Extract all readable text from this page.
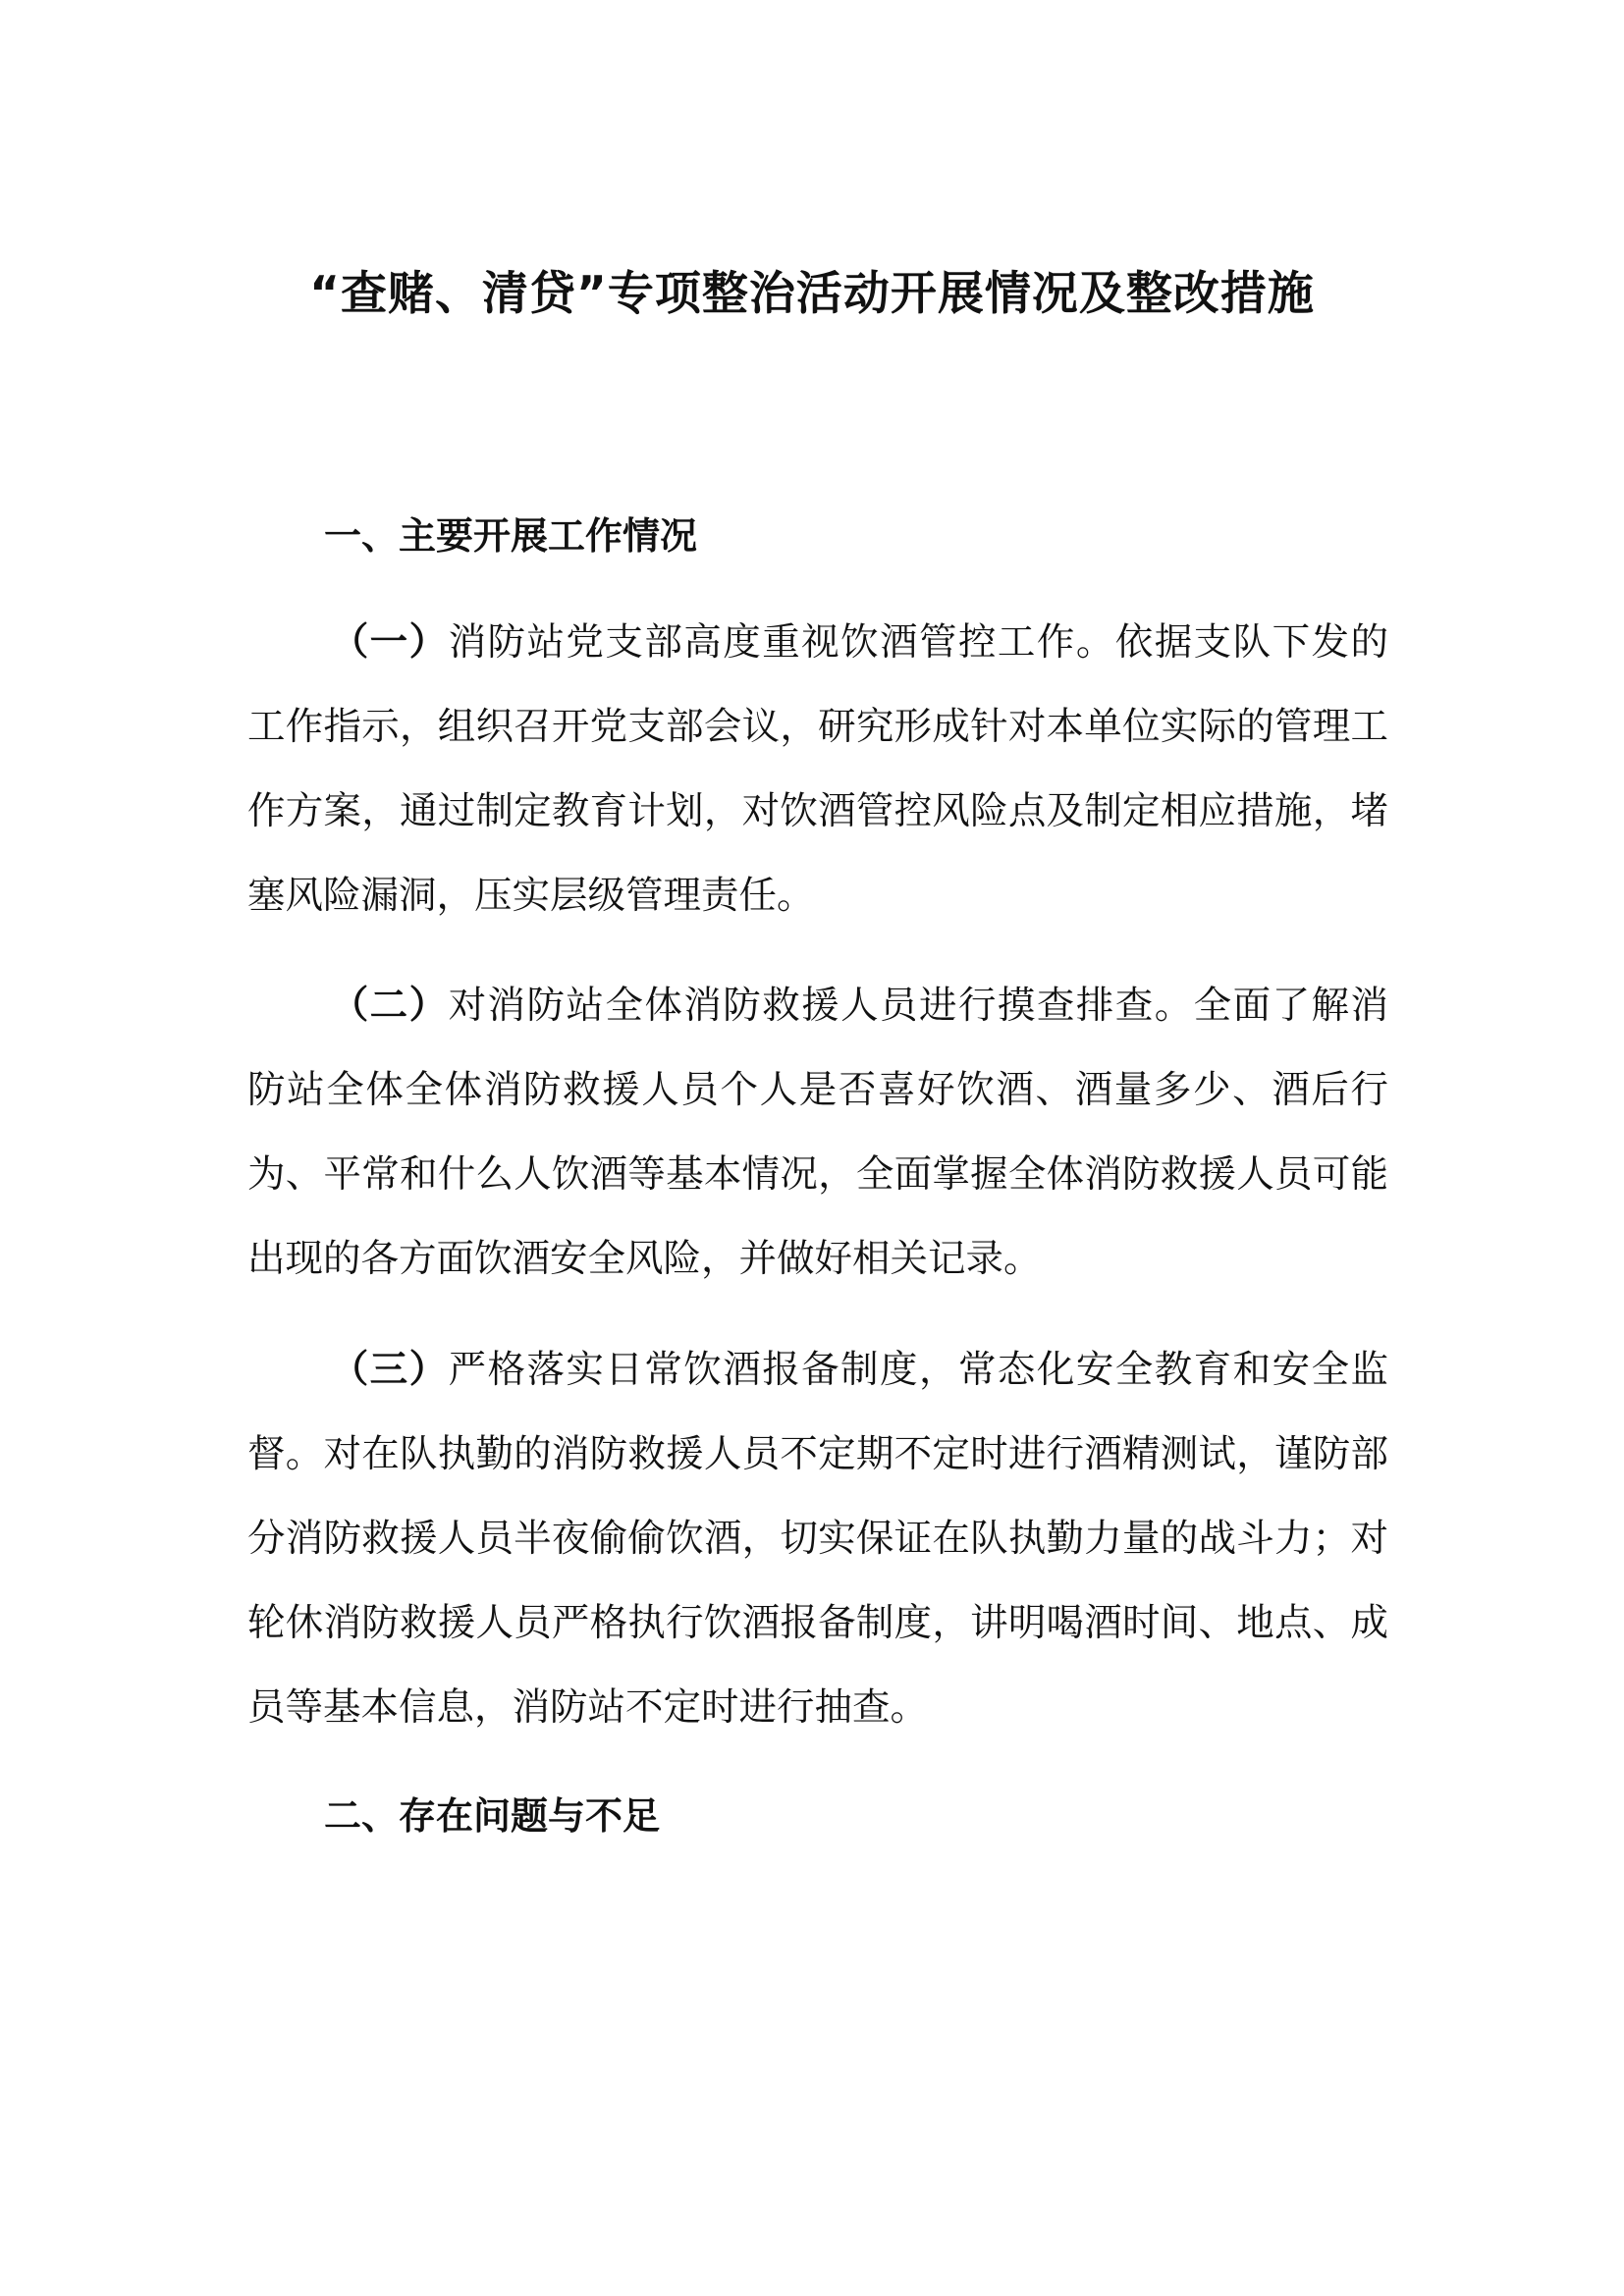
“查赌、清贷”专项整治活动开展情况及整改措施
一、主要开展工作情况
（一）消防站党支部高度重视饮酒管控工作。依据支队下发的工作指示，组织召开党支部会议，研究形成针对本单位实际的管理工作方案，通过制定教育计划，对饮酒管控风险点及制定相应措施，堵塞风险漏洞，压实层级管理责任。
（二）对消防站全体消防救援人员进行摸查排查。全面了解消防站全体全体消防救援人员个人是否喜好饮酒、酒量多少、酒后行为、平常和什么人饮酒等基本情况，全面掌握全体消防救援人员可能出现的各方面饮酒安全风险，并做好相关记录。
（三）严格落实日常饮酒报备制度，常态化安全教育和安全监督。对在队执勤的消防救援人员不定期不定时进行酒精测试，谨防部分消防救援人员半夜偷偷饮酒，切实保证在队执勤力量的战斗力；对轮休消防救援人员严格执行饮酒报备制度，讲明喝酒时间、地点、成员等基本信息，消防站不定时进行抽查。
二、存在问题与不足
